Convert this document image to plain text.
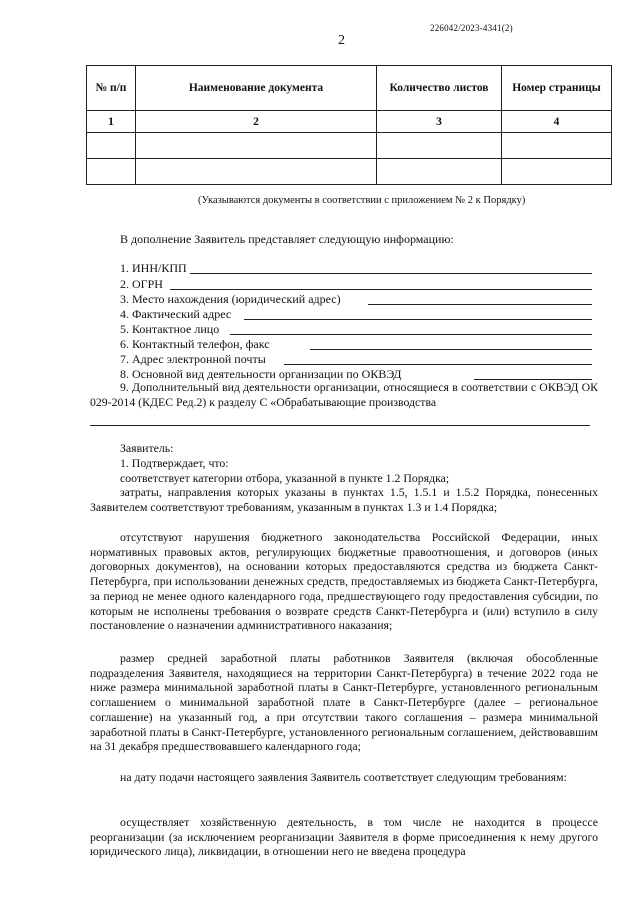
226042/2023-4341(2)
2
№ п/п	Наименование документа	Количество листов	Номер страницы
1	2	3	4

(Указываются документы в соответствии с приложением № 2 к Порядку)
В дополнение Заявитель представляет следующую информацию:
1. ИНН/КПП
2. ОГРН
3. Место нахождения (юридический адрес)
4. Фактический адрес
5. Контактное лицо
6. Контактный телефон, факс
7. Адрес электронной почты
8. Основной вид деятельности организации по ОКВЭД

9. Дополнительный вид деятельности организации, относящиеся в соответствии с ОКВЭД ОК 029-2014 (КДЕС Ред.2) к разделу С «Обрабатывающие производства

Заявитель:
1. Подтверждает, что:
соответствует категории отбора, указанной в пункте 1.2 Порядка;

затраты, направления которых указаны в пунктах 1.5, 1.5.1 и 1.5.2 Порядка, понесенных Заявителем соответствуют требованиям, указанным в пунктах 1.3 и 1.4 Порядка;

отсутствуют нарушения бюджетного законодательства Российской Федерации, иных нормативных правовых актов, регулирующих бюджетные правоотношения, и договоров (иных договорных документов), на основании которых предоставляются средства из бюджета Санкт-Петербурга, при использовании денежных средств, предоставляемых из бюджета Санкт-Петербурга, за период не менее одного календарного года, предшествующего году предоставления субсидии, по которым не исполнены требования о возврате средств Санкт-Петербурга и (или) вступило в силу постановление о назначении административного наказания;

размер средней заработной платы работников Заявителя (включая обособленные подразделения Заявителя, находящиеся на территории Санкт-Петербурга) в течение 2022 года не ниже размера минимальной заработной платы в Санкт-Петербурге, установленного региональным соглашением о минимальной заработной плате в Санкт-Петербурге (далее – региональное соглашение) на указанный год, а при отсутствии такого соглашения – размера минимальной заработной платы в Санкт-Петербурге, установленного региональным соглашением, действовавшим на 31 декабря предшествовавшего календарного года;

на дату подачи настоящего заявления Заявитель соответствует следующим требованиям:

осуществляет хозяйственную деятельность, в том числе не находится в процессе реорганизации (за исключением реорганизации Заявителя в форме присоединения к нему другого юридического лица), ликвидации, в отношении него не введена процедура
